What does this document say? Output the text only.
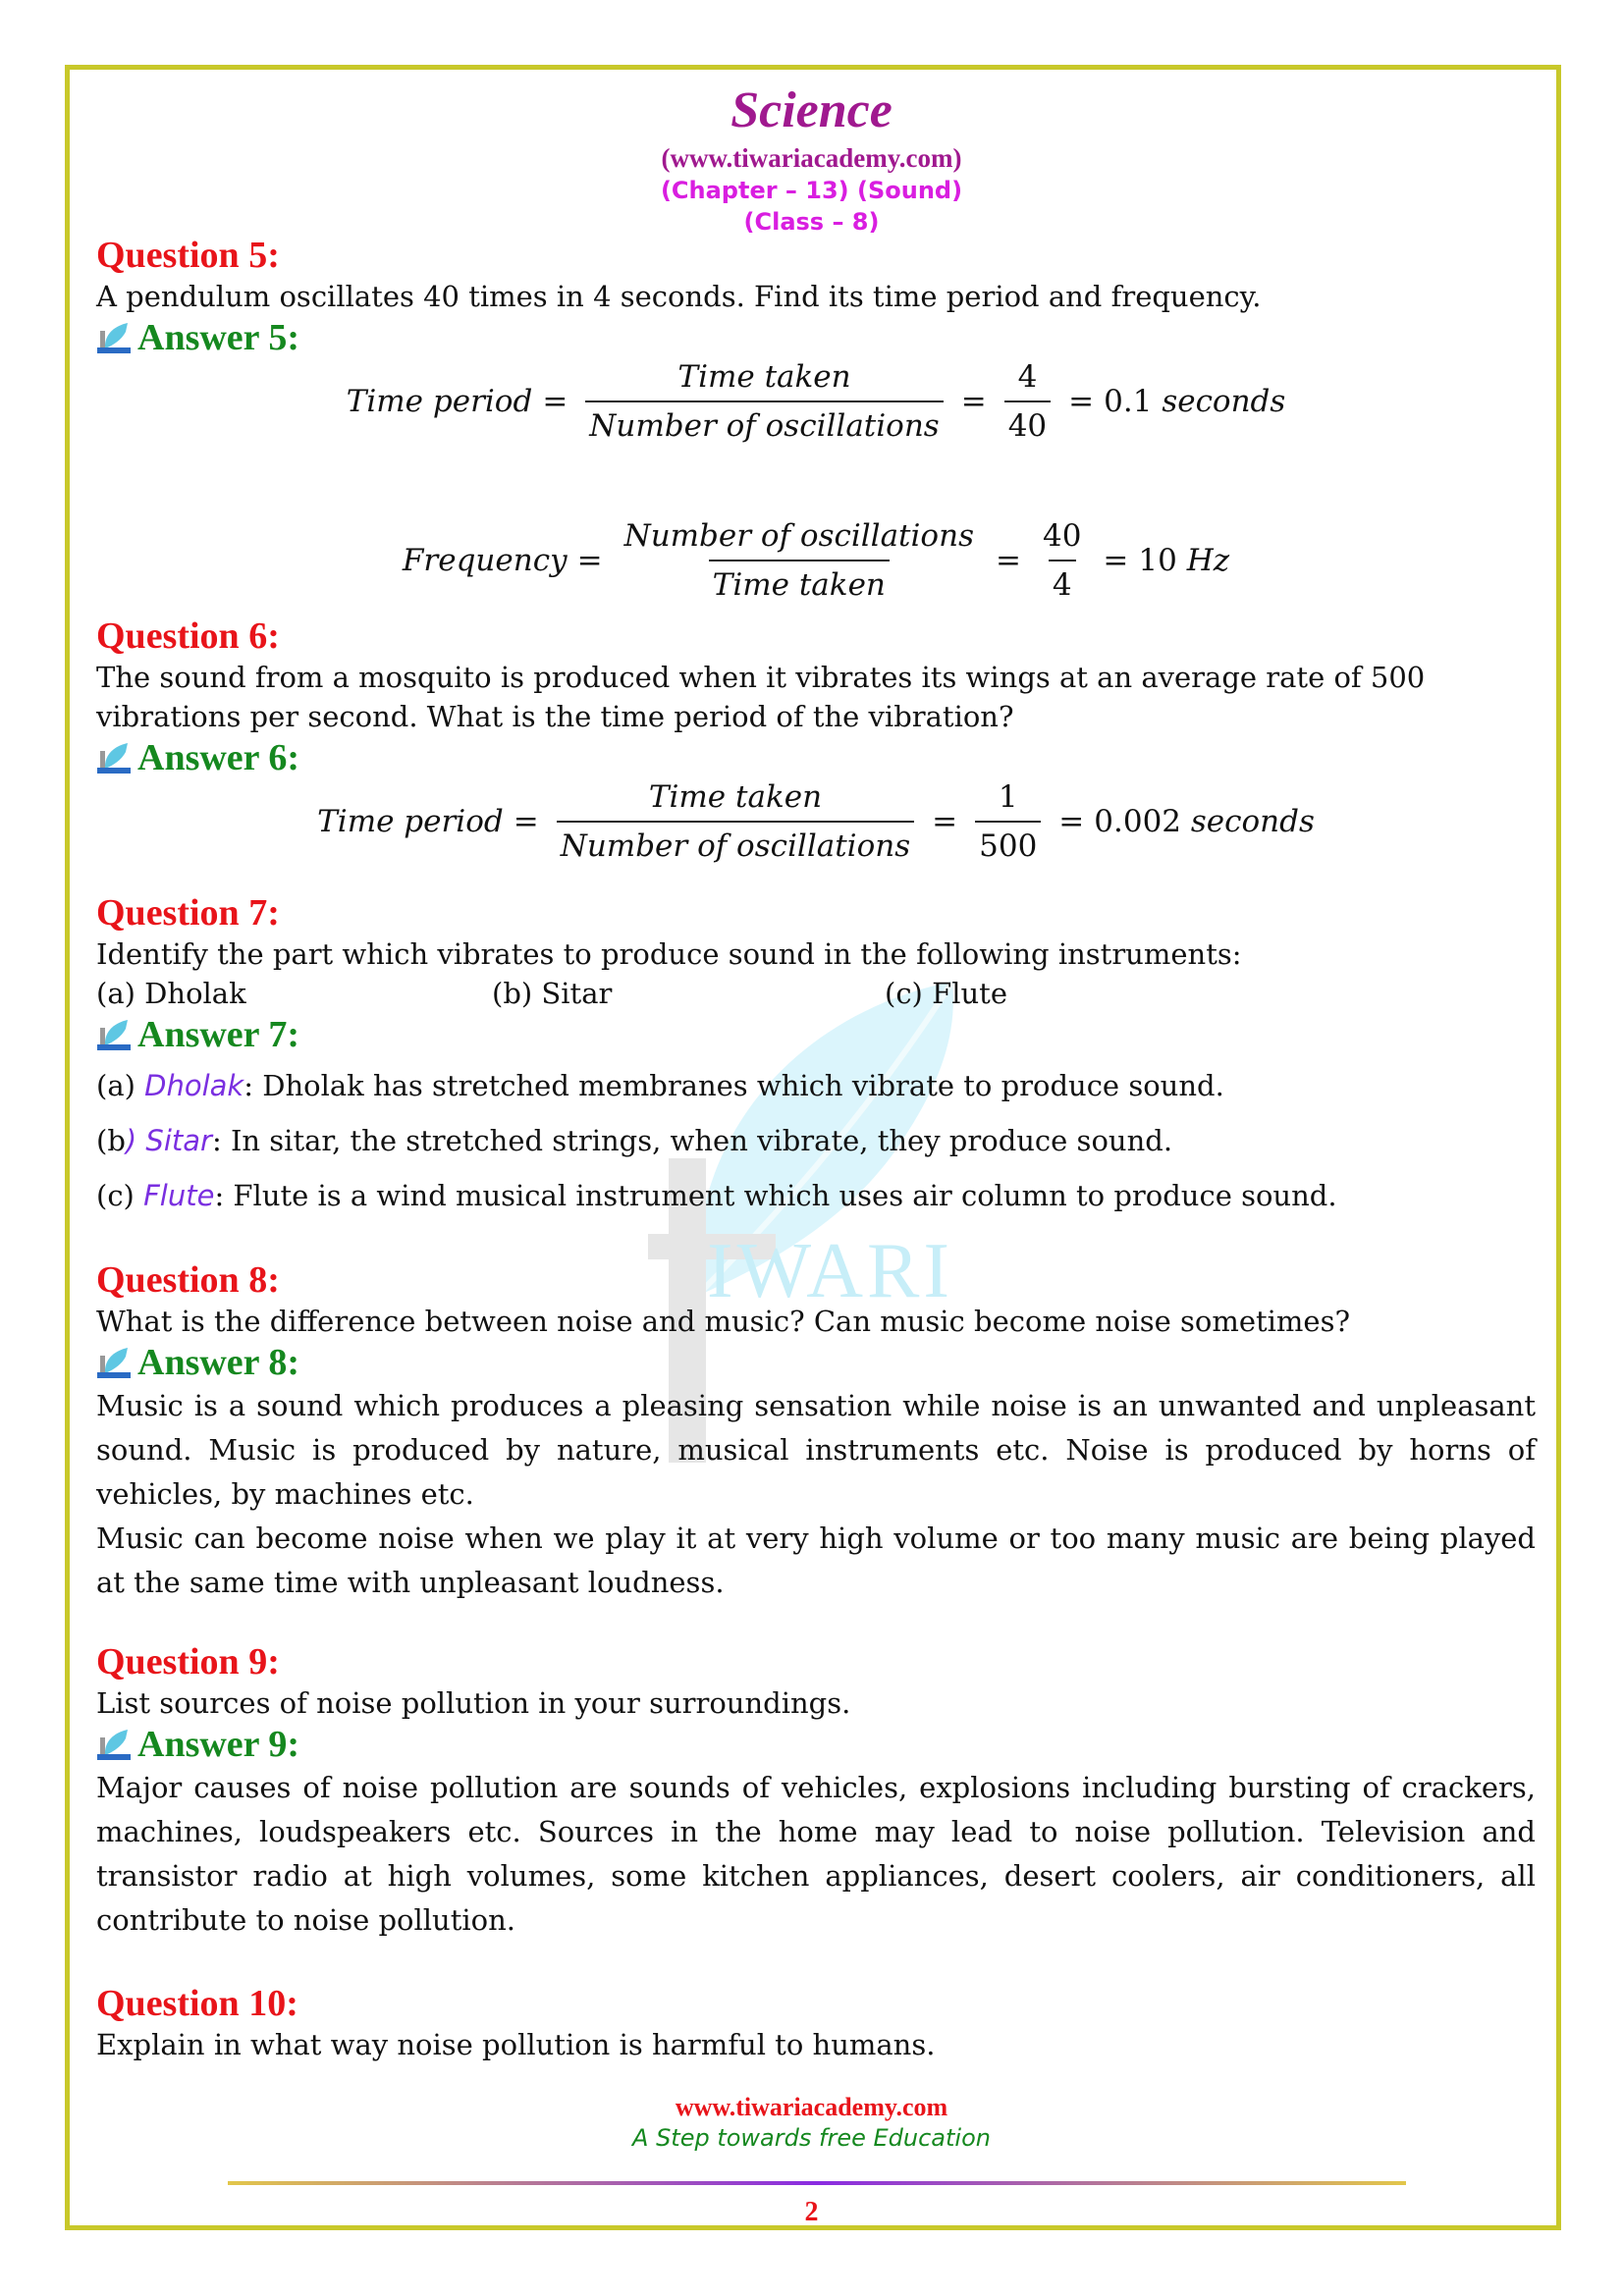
Science
(www.tiwariacademy.com)
(Chapter – 13) (Sound)
(Class – 8)
IWARI

Question 5:

A pendulum oscillates 40 times in 4 seconds. Find its time period and frequency.

Answer 5:

Time period = $\frac{\text{Time taken}}{\text{Number of oscillations}} = \frac{4}{40} = 0.1$
seconds
Frequency = $\frac{\text{Number of oscillations}}{\text{Time taken}} = \frac{40}{4} = 10$
Hz

Question 6:

The sound from a mosquito is produced when it vibrates its wings at an average rate of 500 vibrations per second. What is the time period of the vibration?

Answer 6:

Time period = $\frac{\text{Time taken}}{\text{Number of oscillations}} = \frac{1}{500} = 0.002$
seconds

Question 7:

Identify the part which vibrates to produce sound in the following instruments:

(a) Dholak	(b) Sitar	(c) Flute

Answer 7:

(a) Dholak: Dholak has stretched membranes which vibrate to produce sound.

(b) Sitar: In sitar, the stretched strings, when vibrate, they produce sound.

(c) Flute: Flute is a wind musical instrument which uses air column to produce sound.

Question 8:

What is the difference between noise and music? Can music become noise sometimes?

Answer 8:

Music is a sound which produces a pleasing sensation while noise is an unwanted and unpleasant sound. Music is produced by nature, musical instruments etc. Noise is produced by horns of vehicles, by machines etc.

Music can become noise when we play it at very high volume or too many music are being played at the same time with unpleasant loudness.

Question 9:

List sources of noise pollution in your surroundings.

Answer 9:

Major causes of noise pollution are sounds of vehicles, explosions including bursting of crackers, machines, loudspeakers etc. Sources in the home may lead to noise pollution. Television and transistor radio at high volumes, some kitchen appliances, desert coolers, air conditioners, all contribute to noise pollution.

Question 10:

Explain in what way noise pollution is harmful to humans.

www.tiwariacademy.com
A Step towards free Education
2
